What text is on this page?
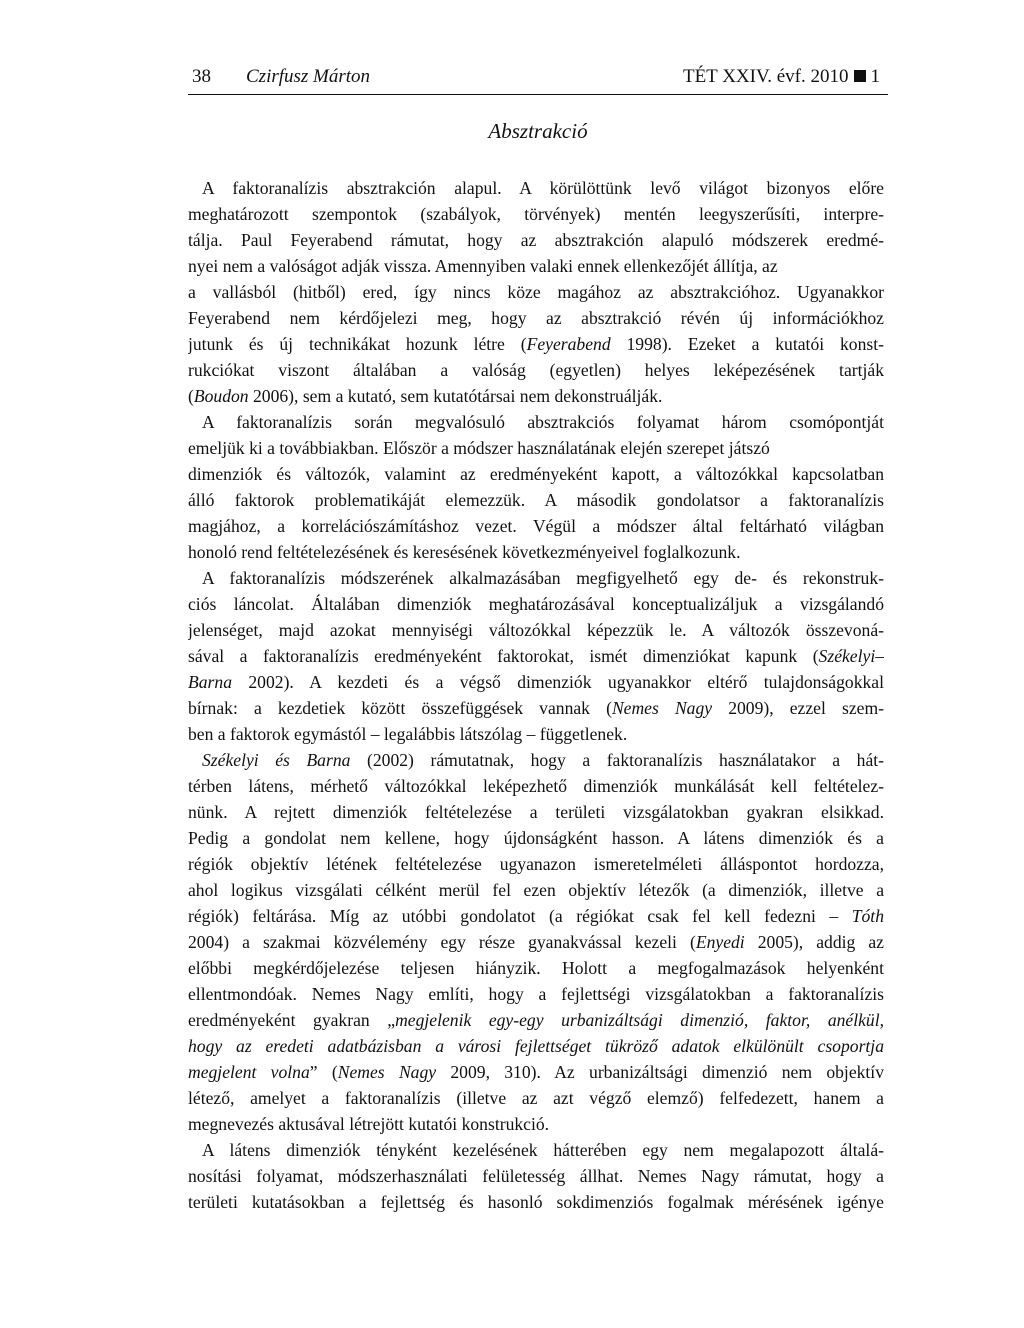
38 Czirfusz Márton	TÉT XXIV. évf. 2010 1
Absztrakció
A faktoranalízis absztrakción alapul. A körülöttünk levő világot bizonyos előre
meghatározott szempontok (szabályok, törvények) mentén leegyszerűsíti, interpre-
tálja. Paul Feyerabend rámutat, hogy az absztrakción alapuló módszerek eredmé-
nyei nem a valóságot adják vissza. Amennyiben valaki ennek ellenkezőjét állítja, az
a vallásból (hitből) ered, így nincs köze magához az absztrakcióhoz. Ugyanakkor
Feyerabend nem kérdőjelezi meg, hogy az absztrakció révén új információkhoz
jutunk és új technikákat hozunk létre (Feyerabend 1998). Ezeket a kutatói konst-
rukciókat viszont általában a valóság (egyetlen) helyes leképezésének tartják
(Boudon 2006), sem a kutató, sem kutatótársai nem dekonstruálják.
A faktoranalízis során megvalósuló absztrakciós folyamat három csomópontját
emeljük ki a továbbiakban. Először a módszer használatának elején szerepet játszó
dimenziók és változók, valamint az eredményeként kapott, a változókkal kapcsolatban
álló faktorok problematikáját elemezzük. A második gondolatsor a faktoranalízis
magjához, a korrelációszámításhoz vezet. Végül a módszer által feltárható világban
honoló rend feltételezésének és keresésének következményeivel foglalkozunk.
A faktoranalízis módszerének alkalmazásában megfigyelhető egy de- és rekonstruk-
ciós láncolat. Általában dimenziók meghatározásával konceptualizáljuk a vizsgálandó
jelenséget, majd azokat mennyiségi változókkal képezzük le. A változók összevoná-
sával a faktoranalízis eredményeként faktorokat, ismét dimenziókat kapunk (Székelyi–
Barna 2002). A kezdeti és a végső dimenziók ugyanakkor eltérő tulajdonságokkal
bírnak: a kezdetiek között összefüggések vannak (Nemes Nagy 2009), ezzel szem-
ben a faktorok egymástól – legalábbis látszólag – függetlenek.
Székelyi és Barna (2002) rámutatnak, hogy a faktoranalízis használatakor a hát-
térben látens, mérhető változókkal leképezhető dimenziók munkálását kell feltételez-
nünk. A rejtett dimenziók feltételezése a területi vizsgálatokban gyakran elsikkad.
Pedig a gondolat nem kellene, hogy újdonságként hasson. A látens dimenziók és a
régiók objektív létének feltételezése ugyanazon ismeretelméleti álláspontot hordozza,
ahol logikus vizsgálati célként merül fel ezen objektív létezők (a dimenziók, illetve a
régiók) feltárása. Míg az utóbbi gondolatot (a régiókat csak fel kell fedezni – Tóth
2004) a szakmai közvélemény egy része gyanakvással kezeli (Enyedi 2005), addig az
előbbi megkérdőjelezése teljesen hiányzik. Holott a megfogalmazások helyenként
ellentmondóak. Nemes Nagy említi, hogy a fejlettségi vizsgálatokban a faktoranalízis
eredményeként gyakran „megjelenik egy-egy urbanizáltsági dimenzió, faktor, anélkül,
hogy az eredeti adatbázisban a városi fejlettséget tükröző adatok elkülönült csoportja
megjelent volna” (Nemes Nagy 2009, 310). Az urbanizáltsági dimenzió nem objektív
létező, amelyet a faktoranalízis (illetve az azt végző elemző) felfedezett, hanem a
megnevezés aktusával létrejött kutatói konstrukció.
A látens dimenziók tényként kezelésének hátterében egy nem megalapozott általá-
nosítási folyamat, módszerhasználati felületesség állhat. Nemes Nagy rámutat, hogy a
területi kutatásokban a fejlettség és hasonló sokdimenziós fogalmak mérésének igénye
